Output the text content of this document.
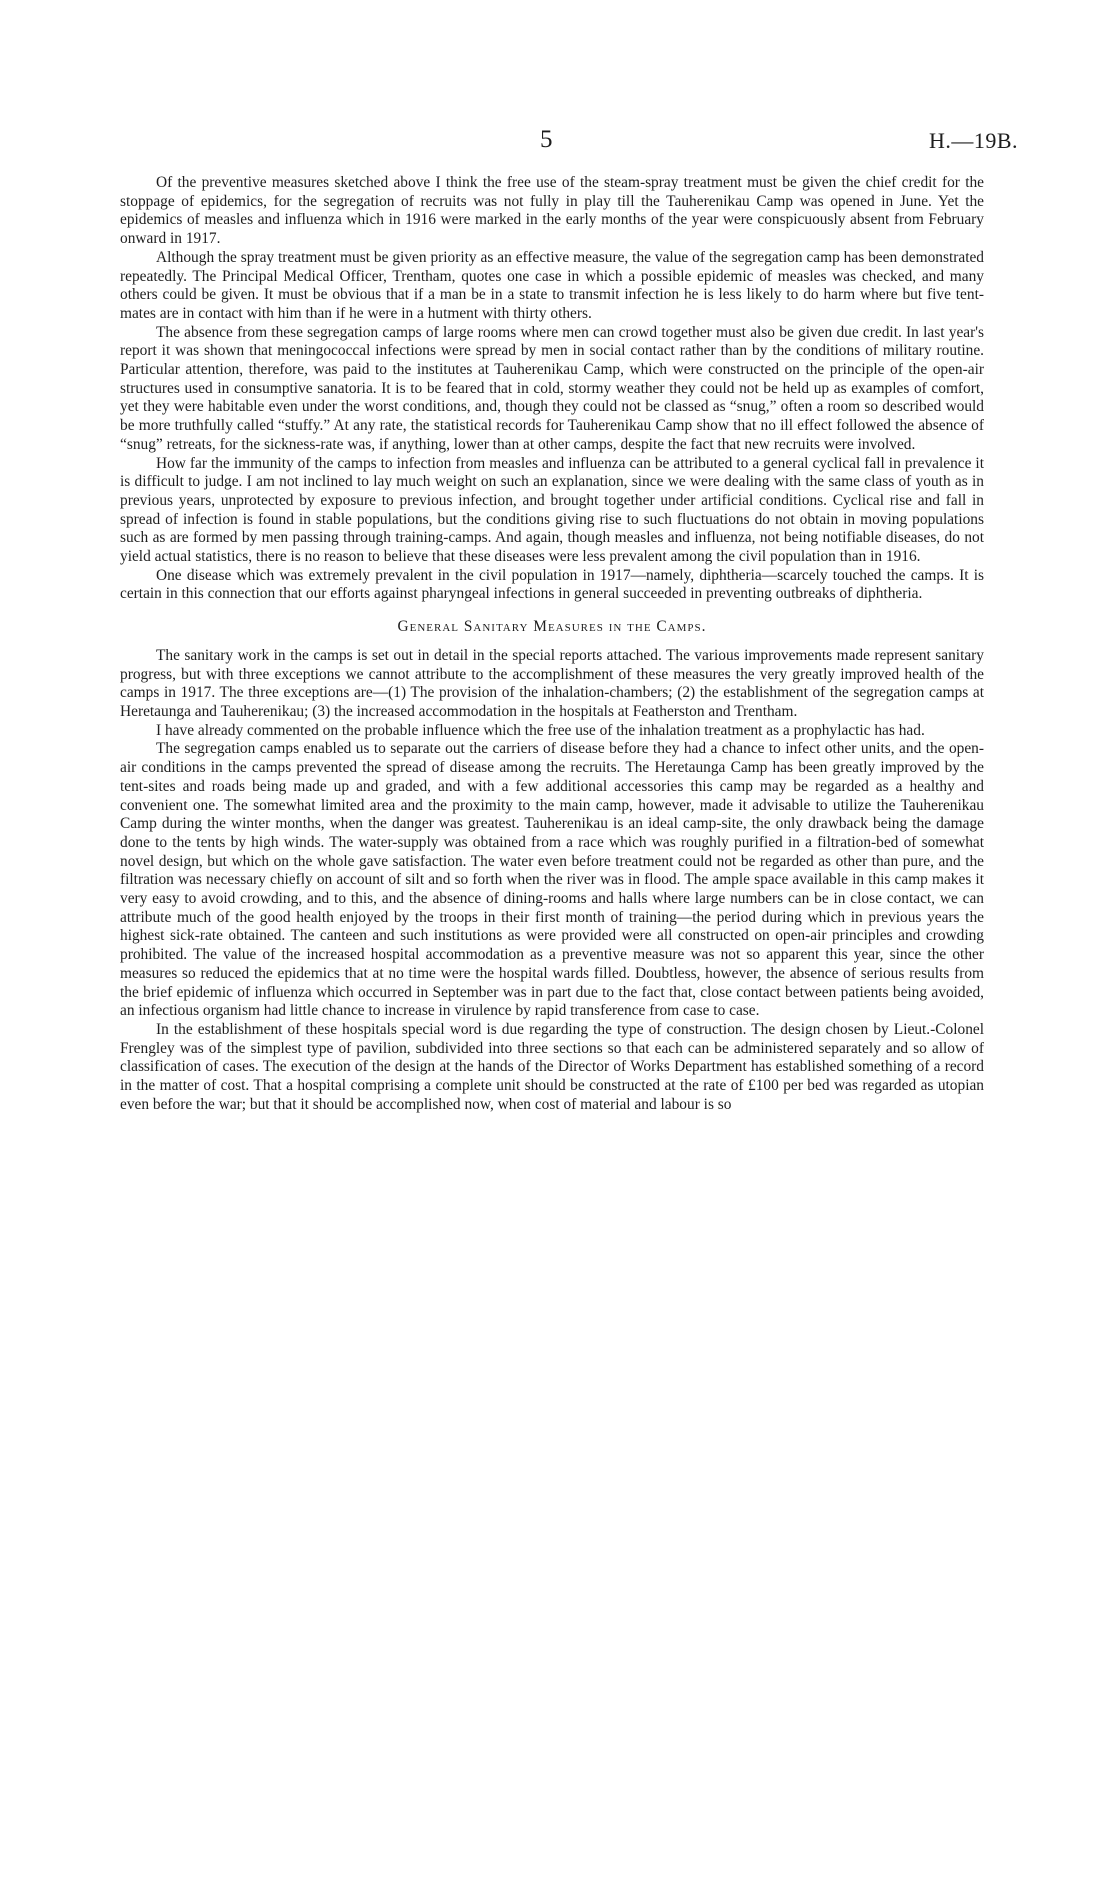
5	H.—19B.

Of the preventive measures sketched above I think the free use of the steam-spray treatment must be given the chief credit for the stoppage of epidemics, for the segregation of recruits was not fully in play till the Tauherenikau Camp was opened in June. Yet the epidemics of measles and influenza which in 1916 were marked in the early months of the year were conspicuously absent from February onward in 1917.

Although the spray treatment must be given priority as an effective measure, the value of the segregation camp has been demonstrated repeatedly. The Principal Medical Officer, Trentham, quotes one case in which a possible epidemic of measles was checked, and many others could be given. It must be obvious that if a man be in a state to transmit infection he is less likely to do harm where but five tent-mates are in contact with him than if he were in a hutment with thirty others.

The absence from these segregation camps of large rooms where men can crowd together must also be given due credit. In last year's report it was shown that meningococcal infections were spread by men in social contact rather than by the conditions of military routine. Particular attention, therefore, was paid to the institutes at Tauherenikau Camp, which were constructed on the principle of the open-air structures used in consumptive sanatoria. It is to be feared that in cold, stormy weather they could not be held up as examples of comfort, yet they were habitable even under the worst conditions, and, though they could not be classed as “snug,” often a room so described would be more truthfully called “stuffy.” At any rate, the statistical records for Tauherenikau Camp show that no ill effect followed the absence of “snug” retreats, for the sickness-rate was, if anything, lower than at other camps, despite the fact that new recruits were involved.

How far the immunity of the camps to infection from measles and influenza can be attributed to a general cyclical fall in prevalence it is difficult to judge. I am not inclined to lay much weight on such an explanation, since we were dealing with the same class of youth as in previous years, unprotected by exposure to previous infection, and brought together under artificial conditions. Cyclical rise and fall in spread of infection is found in stable populations, but the conditions giving rise to such fluctuations do not obtain in moving populations such as are formed by men passing through training-camps. And again, though measles and influenza, not being notifiable diseases, do not yield actual statistics, there is no reason to believe that these diseases were less prevalent among the civil population than in 1916.

One disease which was extremely prevalent in the civil population in 1917—namely, diphtheria—scarcely touched the camps. It is certain in this connection that our efforts against pharyngeal infections in general succeeded in preventing outbreaks of diphtheria.

General Sanitary Measures in the Camps.

The sanitary work in the camps is set out in detail in the special reports attached. The various improvements made represent sanitary progress, but with three exceptions we cannot attribute to the accomplishment of these measures the very greatly improved health of the camps in 1917. The three exceptions are—(1) The provision of the inhalation-chambers; (2) the establishment of the segregation camps at Heretaunga and Tauherenikau; (3) the increased accommodation in the hospitals at Featherston and Trentham.

I have already commented on the probable influence which the free use of the inhalation treatment as a prophylactic has had.

The segregation camps enabled us to separate out the carriers of disease before they had a chance to infect other units, and the open-air conditions in the camps prevented the spread of disease among the recruits. The Heretaunga Camp has been greatly improved by the tent-sites and roads being made up and graded, and with a few additional accessories this camp may be regarded as a healthy and convenient one. The somewhat limited area and the proximity to the main camp, however, made it advisable to utilize the Tauherenikau Camp during the winter months, when the danger was greatest. Tauherenikau is an ideal camp-site, the only drawback being the damage done to the tents by high winds. The water-supply was obtained from a race which was roughly purified in a filtration-bed of somewhat novel design, but which on the whole gave satisfaction. The water even before treatment could not be regarded as other than pure, and the filtration was necessary chiefly on account of silt and so forth when the river was in flood. The ample space available in this camp makes it very easy to avoid crowding, and to this, and the absence of dining-rooms and halls where large numbers can be in close contact, we can attribute much of the good health enjoyed by the troops in their first month of training—the period during which in previous years the highest sick-rate obtained. The canteen and such institutions as were provided were all constructed on open-air principles and crowding prohibited. The value of the increased hospital accommodation as a preventive measure was not so apparent this year, since the other measures so reduced the epidemics that at no time were the hospital wards filled. Doubtless, however, the absence of serious results from the brief epidemic of influenza which occurred in September was in part due to the fact that, close contact between patients being avoided, an infectious organism had little chance to increase in virulence by rapid transference from case to case.

In the establishment of these hospitals special word is due regarding the type of construction. The design chosen by Lieut.-Colonel Frengley was of the simplest type of pavilion, subdivided into three sections so that each can be administered separately and so allow of classification of cases. The execution of the design at the hands of the Director of Works Department has established something of a record in the matter of cost. That a hospital comprising a complete unit should be constructed at the rate of £100 per bed was regarded as utopian even before the war; but that it should be accomplished now, when cost of material and labour is so
